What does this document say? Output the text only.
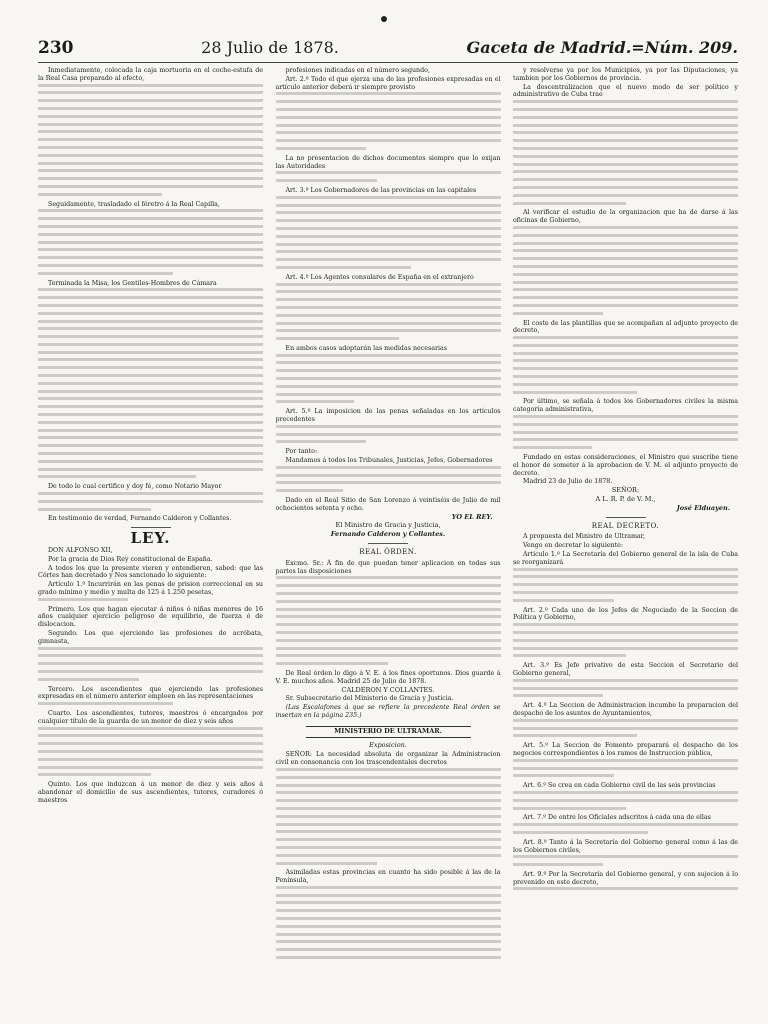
230	28 Julio de 1878.	Gaceta de Madrid.=Núm. 209.

Inmediatamente, colocada la caja mortuoria en el coche-estufa de la Real Casa preparado al efecto,

Seguidamente, trasladado el féretro á la Real Capilla,

Terminada la Misa, los Gentiles-Hombres de Cámara

De todo lo cual certifico y doy fé, como Notario Mayor

En testimonio de verdad, Fernando Calderon y Collantes.

LEY.

DON ALFONSO XII,

Por la gracia de Dios Rey constitucional de España.

A todos los que la presente vieren y entendieren, sabed: que las Córtes han decretado y Nos sancionado lo siguiente:

Artículo 1.º Incurrirán en las penas de prision correccional en su grado mínimo y medio y multa de 125 á 1.250 pesetas,

Primero. Los que hagan ejecutar á niños ó niñas menores de 16 años cualquier ejercicio peligroso de equilibrio, de fuerza ó de dislocacion.

Segundo. Los que ejerciendo las profesiones de acróbata, gimnasta,

Tercero. Los ascendientes que ejerciendo las profesiones expresadas en el número anterior empleen en las representaciones

Cuarto. Los ascendientes, tutores, maestros ó encargados por cualquier título de la guarda de un menor de diez y seis años

Quinto. Los que induzcan á un menor de diez y seis años á abandonar el domicilio de sus ascendientes, tutores, curadores ó maestros

profesiones indicadas en el número segundo,

Art. 2.º Todo el que ejerza una de las profesiones expresadas en el artículo anterior deberá ir siempre provisto

La no presentacion de dichos documentos siempre que lo exijan las Autoridades

Art. 3.º Los Gobernadores de las provincias en las capitales

Art. 4.º Los Agentes consulares de España en el extranjero

En ambos casos adoptarán las medidas necesarias

Art. 5.º La imposicion de las penas señaladas en los artículos precedentes

Por tanto:

Mandamos á todos los Tribunales, Justicias, Jefes, Gobernadores

Dado en el Real Sitio de San Lorenzo á veintiséis de Julio de mil ochocientos setenta y ocho.

YO EL REY.
El Ministro de Gracia y Justicia,
Fernando Calderon y Collantes.
REAL ÓRDEN.

Excmo. Sr.: Á fin de que puedan tener aplicacion en todas sus partes las disposiciones

De Real órden lo digo á V. E. á los fines oportunos. Dios guarde á V. E. muchos años. Madrid 25 de Julio de 1878.

CALDERON Y COLLANTES.

Sr. Subsecretario del Ministerio de Gracia y Justicia.

(Las Escalafones á que se refiere la precedente Real órden se insertan en la página 235.)

MINISTERIO DE ULTRAMAR.
Exposicion.

SEÑOR: La necesidad absoluta de organizar la Administracion civil en consonancia con los trascendentales decretos

Asimiladas estas provincias en cuanto ha sido posible á las de la Península,

y resolverse ya por los Municipios, ya por las Diputaciones, ya tambien por los Gobiernos de provincia.

La descentralizacion que el nuevo modo de ser político y administrativo de Cuba trae

Al verificar el estudio de la organizacion que ha de darse á las oficinas de Gobierno,

El coste de las plantillas que se acompañan al adjunto proyecto de decreto,

Por último, se señala á todos los Gobernadores civiles la misma categoría administrativa,

Fundado en estas consideraciones, el Ministro que suscribe tiene el honor de someter á la aprobacion de V. M. el adjunto proyecto de decreto.

Madrid 23 de Julio de 1878.

SEÑOR:
A L. R. P. de V. M.,
José Elduayen.
REAL DECRETO.

A propuesta del Ministro de Ultramar,

Vengo en decretar lo siguiente:

Artículo 1.º La Secretaría del Gobierno general de la isla de Cuba se reorganizará

Art. 2.º Cada uno de los Jefes de Negociado de la Seccion de Política y Gobierno,

Art. 3.º Es Jefe privativo de esta Seccion el Secretario del Gobierno general,

Art. 4.º La Seccion de Administracion incumbe la preparacion del despacho de los asuntos de Ayuntamientos,

Art. 5.º La Seccion de Fomento preparará el despacho de los negocios correspondientes á los ramos de Instruccion pública,

Art. 6.º Se crea en cada Gobierno civil de las seis provincias

Art. 7.º De entre los Oficiales adscritos á cada una de ellas

Art. 8.º Tanto á la Secretaría del Gobierno general como á las de los Gobiernos civiles,

Art. 9.º Por la Secretaría del Gobierno general, y con sujecion á lo prevenido en este decreto,
